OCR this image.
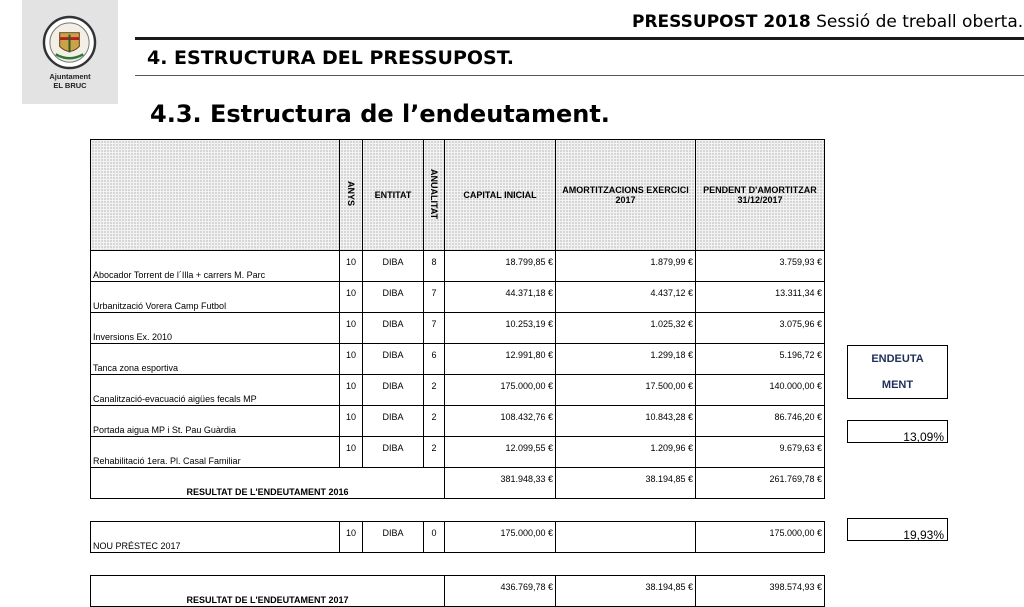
Ajuntament
EL BRUC
PRESSUPOST 2018 Sessió de treball oberta.
4. ESTRUCTURA DEL PRESSUPOST.
4.3. Estructura de l’endeutament.
	ANYS	ENTITAT	ANUALITAT	CAPITAL INICIAL	AMORTITZACIONS EXERCICI 2017	PENDENT D'AMORTITZAR 31/12/2017
Abocador Torrent de l´Illa + carrers M. Parc	10	DIBA	8	18.799,85 €	1.879,99 €	3.759,93 €
Urbanització Vorera Camp Futbol	10	DIBA	7	44.371,18 €	4.437,12 €	13.311,34 €
Inversions Ex. 2010	10	DIBA	7	10.253,19 €	1.025,32 €	3.075,96 €
Tanca zona esportiva	10	DIBA	6	12.991,80 €	1.299,18 €	5.196,72 €
Canalització-evacuació aigües fecals MP	10	DIBA	2	175.000,00 €	17.500,00 €	140.000,00 €
Portada aigua MP i St. Pau Guàrdia	10	DIBA	2	108.432,76 €	10.843,28 €	86.746,20 €
Rehabilitació 1era. Pl. Casal Familiar	10	DIBA	2	12.099,55 €	1.209,96 €	9.679,63 €
RESULTAT DE L'ENDEUTAMENT 2016				381.948,33 €	38.194,85 €	261.769,78 €

NOU PRÉSTEC 2017	10	DIBA	0	175.000,00 €		175.000,00 €

RESULTAT DE L'ENDEUTAMENT 2017				436.769,78 €	38.194,85 €	398.574,93 €
ENDEUTA
MENT
13,09%
19,93%
